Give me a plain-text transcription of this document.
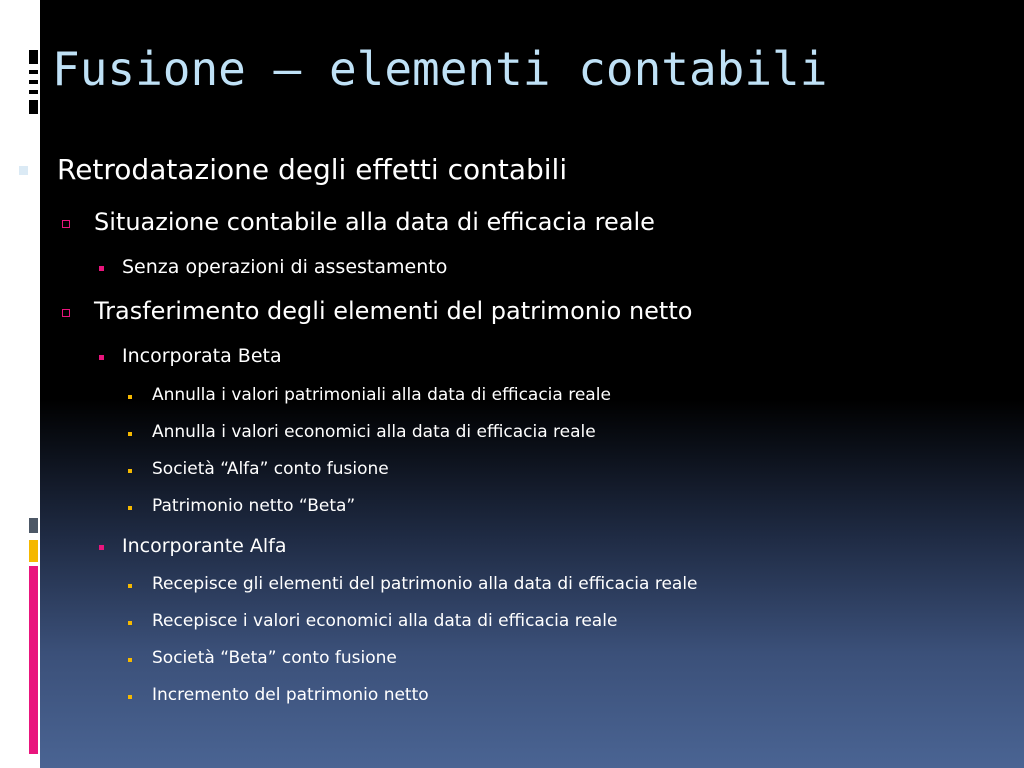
Fusione – elementi contabili
Retrodatazione degli effetti contabili
Situazione contabile alla data di efficacia reale
Senza operazioni di assestamento
Trasferimento degli elementi del patrimonio netto
Incorporata Beta
Annulla i valori patrimoniali alla data di efficacia reale
Annulla i valori economici alla data di efficacia reale
Società “Alfa” conto fusione
Patrimonio netto “Beta”
Incorporante Alfa
Recepisce gli elementi del patrimonio alla data di efficacia reale
Recepisce i valori economici alla data di efficacia reale
Società “Beta” conto fusione
Incremento del patrimonio netto
